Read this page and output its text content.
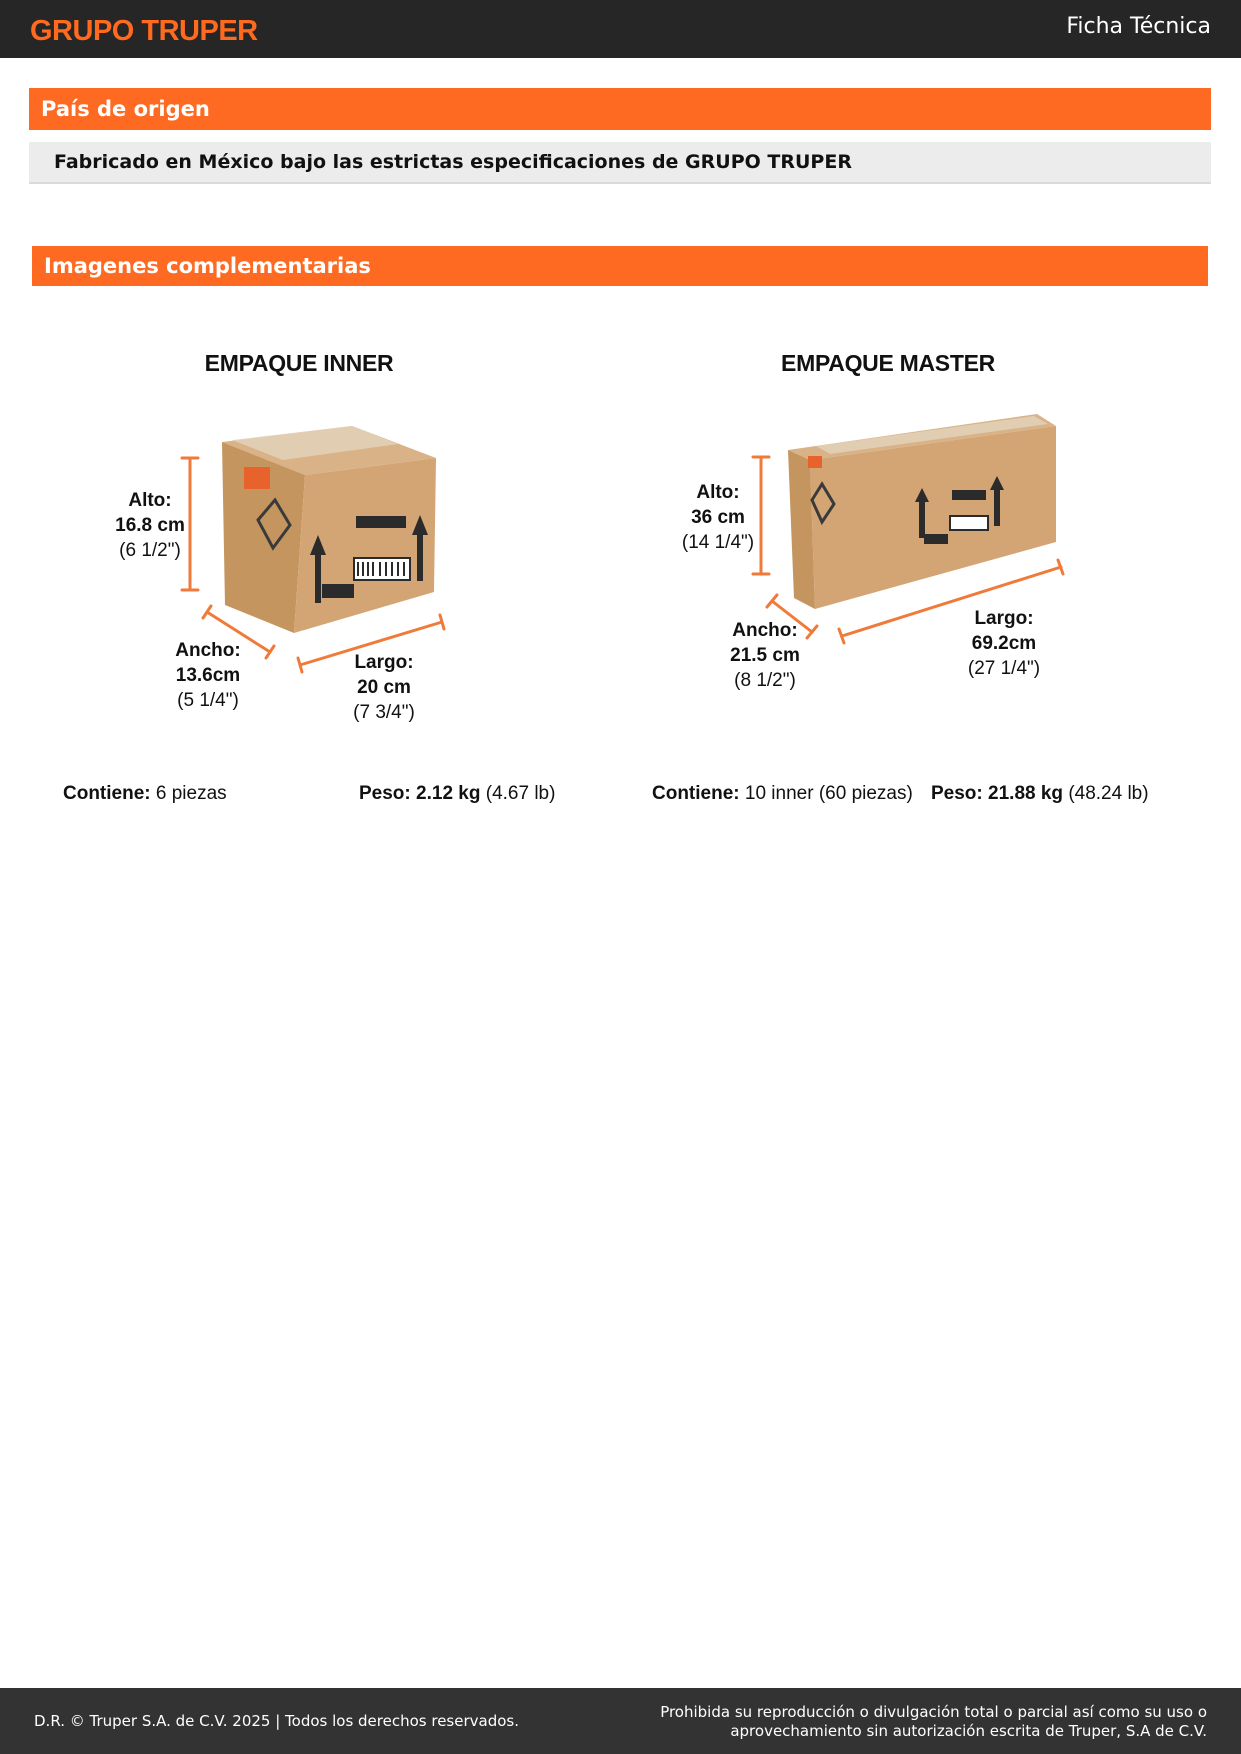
GRUPO TRUPER	Ficha Técnica
País de origen
Fabricado en México bajo las estrictas especificaciones de GRUPO TRUPER
Imagenes complementarias
EMPAQUE INNER
Alto:
16.8 cm
(6 1/2")
Ancho:
13.6cm
(5 1/4")
Largo:
20 cm
(7 3/4")
EMPAQUE MASTER
Alto:
36 cm
(14 1/4")
Ancho:
21.5 cm
(8 1/2")
Largo:
69.2cm
(27 1/4")
Contiene: 6 piezas	Peso: 2.12 kg (4.67 lb)	Contiene: 10 inner (60 piezas) Peso: 21.88 kg (48.24 lb)
D.R. © Truper S.A. de C.V. 2025 | Todos los derechos reservados.	Prohibida su reproducción o divulgación total o parcial así como su uso o
aprovechamiento sin autorización escrita de Truper, S.A de C.V.
